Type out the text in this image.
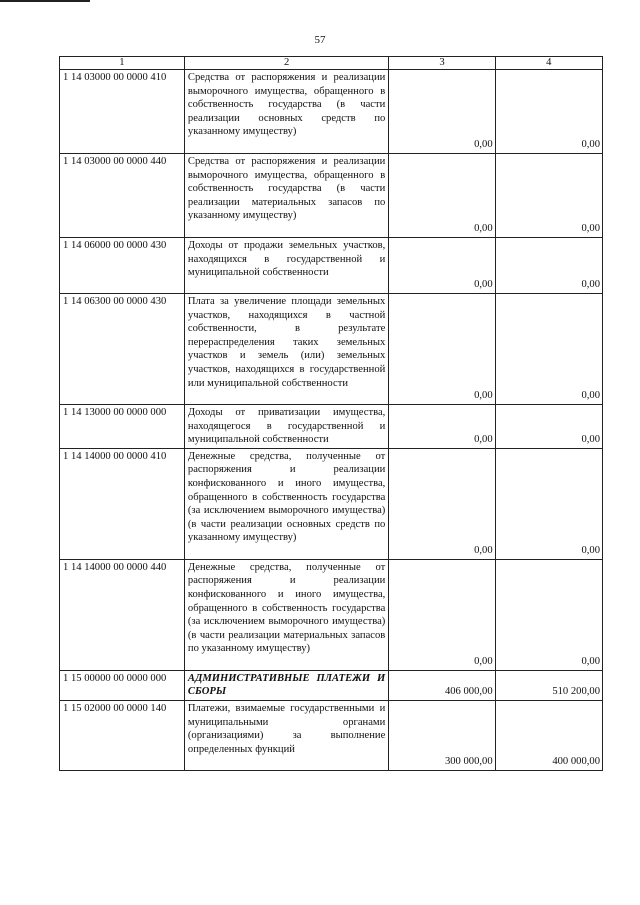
57
1	2	3	4
1 14 03000 00 0000 410	Средства от распоряжения и реализации выморочного имущества, обращенного в собственность государства (в части реализации основных средств по указанному имуществу)	0,00	0,00
1 14 03000 00 0000 440	Средства от распоряжения и реализации выморочного имущества, обращенного в собственность государства (в части реализации материальных запасов по указанному имуществу)	0,00	0,00
1 14 06000 00 0000 430	Доходы от продажи земельных участков, находящихся в государственной и муниципальной собственности	0,00	0,00
1 14 06300 00 0000 430	Плата за увеличение площади земельных участков, находящихся в частной собственности, в результате перераспределения таких земельных участков и земель (или) земельных участков, находящихся в государственной или муниципальной собственности	0,00	0,00
1 14 13000 00 0000 000	Доходы от приватизации имущества, находящегося в государственной и муниципальной собственности	0,00	0,00
1 14 14000 00 0000 410	Денежные средства, полученные от распоряжения и реализации конфискованного и иного имущества, обращенного в собственность государства (за исключением выморочного имущества) (в части реализации основных средств по указанному имуществу)	0,00	0,00
1 14 14000 00 0000 440	Денежные средства, полученные от распоряжения и реализации конфискованного и иного имущества, обращенного в собственность государства (за исключением выморочного имущества) (в части реализации материальных запасов по указанному имуществу)	0,00	0,00
1 15 00000 00 0000 000	АДМИНИСТРАТИВНЫЕ ПЛАТЕЖИ И СБОРЫ	406 000,00	510 200,00
1 15 02000 00 0000 140	Платежи, взимаемые государственными и муниципальными органами (организациями) за выполнение определенных функций	300 000,00	400 000,00
